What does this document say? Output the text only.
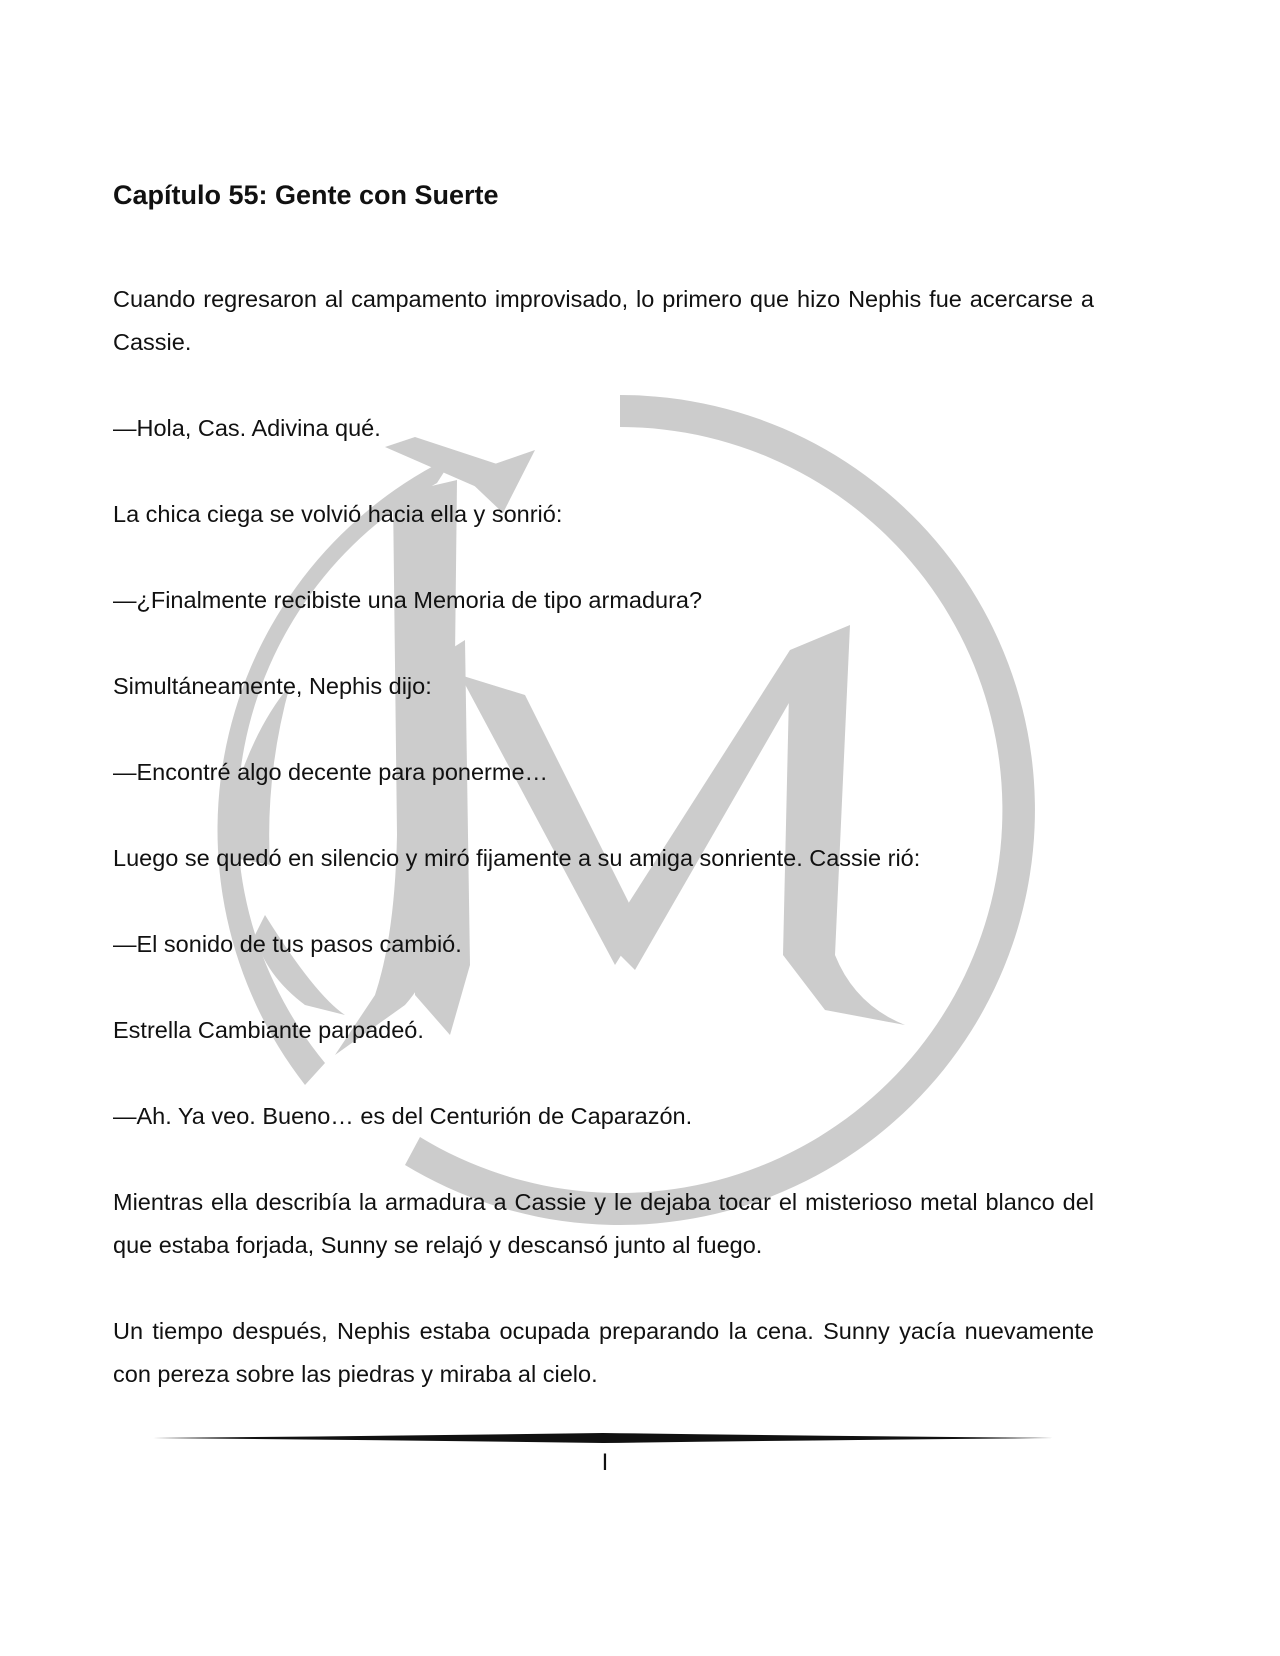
Capítulo 55: Gente con Suerte

Cuando regresaron al campamento improvisado, lo primero que hizo Nephis fue acercarse a Cassie.

—Hola, Cas. Adivina qué.

La chica ciega se volvió hacia ella y sonrió:

—¿Finalmente recibiste una Memoria de tipo armadura?

Simultáneamente, Nephis dijo:

—Encontré algo decente para ponerme…

Luego se quedó en silencio y miró fijamente a su amiga sonriente. Cassie rió:

—El sonido de tus pasos cambió.

Estrella Cambiante parpadeó.

—Ah. Ya veo. Bueno… es del Centurión de Caparazón.

Mientras ella describía la armadura a Cassie y le dejaba tocar el misterioso metal blanco del que estaba forjada, Sunny se relajó y descansó junto al fuego.

Un tiempo después, Nephis estaba ocupada preparando la cena. Sunny yacía nuevamente con pereza sobre las piedras y miraba al cielo.

I
